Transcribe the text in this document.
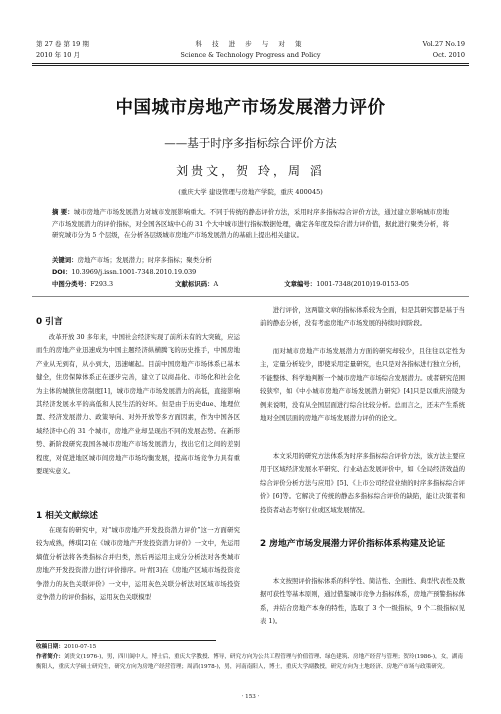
第 27 卷 第 19 期
2010 年 10 月
科 技 进 步 与 对 策
Science & Technology Progress and Policy
Vol.27 No.19
Oct. 2010
中国城市房地产市场发展潜力评价
——基于时序多指标综合评价方法
刘贵文，贺 玲，周 滔
(重庆大学 建设管理与房地产学院，重庆 400045)
摘 要：城市房地产市场发展潜力对城市发展影响重大。不同于传统的静态评价方法，采用时序多指标综合评价方法，通过建立影响城市房地产市场发展潜力的评价指标，对全国各区域中心的 31 个大中城市进行指标数据处理，确定各年度及综合潜力评价值，据此进行聚类分析，将研究城市分为 5 个层级，在分析各层级城市房地产市场发展潜力的基础上提出相关建议。
关键词：房地产市场；发展潜力；时序多指标；聚类分析
DOI：10.3969/j.issn.1001-7348.2010.19.039
中图分类号：F293.3	文献标识码：A	文章编号：1001-7348(2010)19-0153-05
0 引言
改革开放 30 多年来，中国社会经济实现了前所未有的大突破，应运而生的房地产业迅速成为中国主题经济纵横腾飞的历史推手，中国房地产业从无到有，从小到大，迅速崛起。目前中国房地产市场体系已基本健全，住房保障体系正在逐步完善，建立了以商品化、市场化和社会化为主体的城镇住房制度[1]，城市房地产市场发展潜力的高低，直接影响其经济发展水平的高低和人民生活的好坏。但是由于历史due、地理位置、经济发展潜力、政策导向、对外开放等多方面因素，作为中国各区域经济中心的 31 个城市，房地产业却呈现出不同的发展态势。在新形势、新阶段研究我国各城市房地产市场发展潜力，找出它们之间的差别程度，对促进地区城市间房地产市场均衡发展，提高市场竞争力具有重要现实意义。
1 相关文献综述
在现有的研究中，对“城市房地产开发投资潜力评价”这一方面研究较为成熟，傅琪[2]在《城市房地产开发投资潜力评价》一文中，先运用熵值分析法将各类指标合并归类，然后再运用主成分分析法对各类城市房地产开发投资潜力进行评价排序。叶青[3]在《房地产区域市场投资竞争潜力的灰色关联评价》一文中，运用灰色关联分析法对区域市场投资竞争潜力的评价指标，运用灰色关联模型
进行评价，这两篇文章的指标体系较为全面，但是其研究都是基于当前的静态分析，没有考虑房地产市场发展的持续时间阶段。
而对城市房地产市场发展潜力方面的研究却较少，且往往以定性为主，定量分析较少，即使采用定量研究，也只是对各指标进行独立分析，不能整体、科学地判断一个城市房地产市场综合发展潜力。或者研究范围较狭窄，如《中小城市房地产市场发展潜力研究》[4]只是以重庆涪陵为例来说明，没有从全国层面进行综合比较分析。总而言之，还未产生系统地对全国层面的房地产市场发展潜力评价的论文。
本文采用的研究方法体系为时序多指标综合评价方法，该方法主要应用于区域经济发展水平研究、行业动态发展评价中，如《全局经济效益的综合评价分析方法与应用》[5]、《上市公司经营业绩的时序多指标综合评价》[6]等。它解决了传统的静态多指标综合评价的缺陷，能让决策者和投资者动态考察行业或区域发展情况。
2 房地产市场发展潜力评价指标体系构建及论证
本文按照评价指标体系的科学性、简洁性、全面性、典型代表性及数据可获性等基本原则，通过借鉴城市竞争力指标体系，房地产预警指标体系，并结合房地产本身的特性，选取了 3 个一级指标，9 个二级指标(见表 1)。
收稿日期：2010-07-15
作者简介：刘贵文(1976-)，男，四川阆中人，博士后，重庆大学教授、博导，研究方向为公共工程管理与价值管理、绿色建筑、房地产经营与管理；贺玲(1986-)，女，湖南衡阳人，重庆大学硕士研究生，研究方向为房地产经营管理；周滔(1978-)，男，河南南阳人，博士，重庆大学副教授，研究方向为土地经济、房地产市场与政策研究。
· 153 ·
